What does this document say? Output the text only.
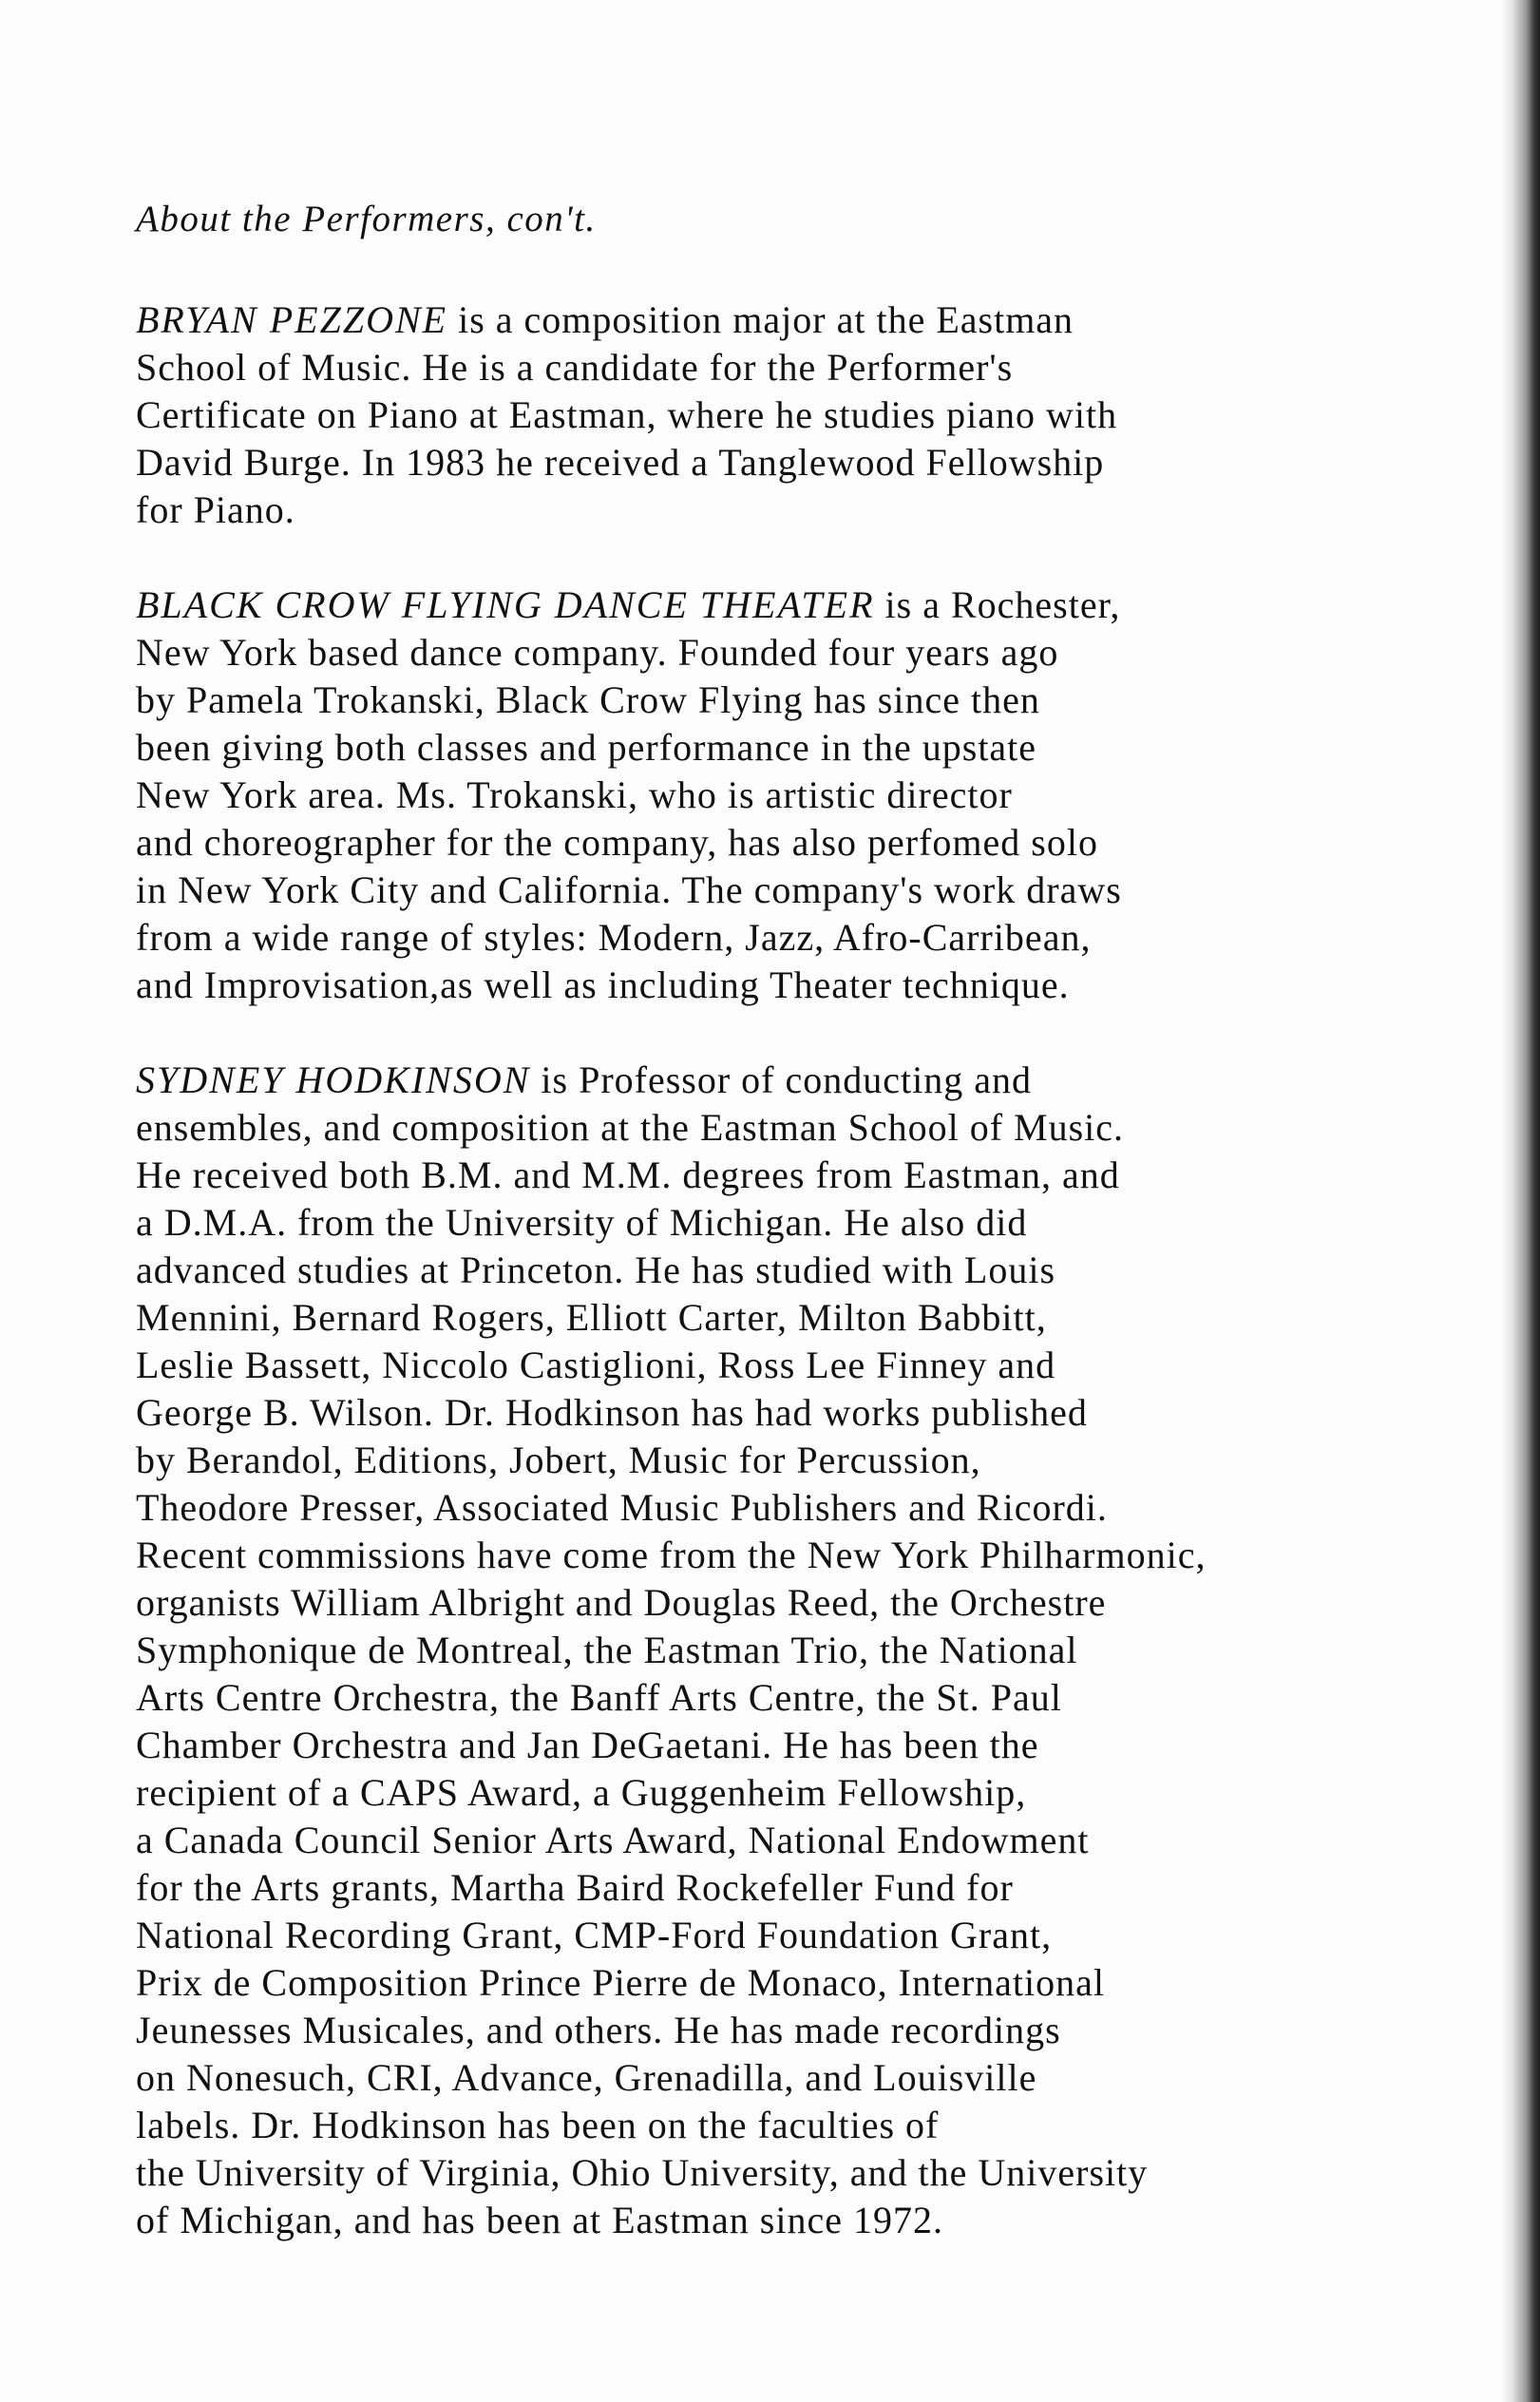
About the Performers, con't.
BRYAN PEZZONE is a composition major at the Eastman
School of Music. He is a candidate for the Performer's
Certificate on Piano at Eastman, where he studies piano with
David Burge. In 1983 he received a Tanglewood Fellowship
for Piano.
BLACK CROW FLYING DANCE THEATER is a Rochester,
New York based dance company. Founded four years ago
by Pamela Trokanski, Black Crow Flying has since then
been giving both classes and performance in the upstate
New York area. Ms. Trokanski, who is artistic director
and choreographer for the company, has also perfomed solo
in New York City and California. The company's work draws
from a wide range of styles: Modern, Jazz, Afro-Carribean,
and Improvisation,as well as including Theater technique.
SYDNEY HODKINSON is Professor of conducting and
ensembles, and composition at the Eastman School of Music.
He received both B.M. and M.M. degrees from Eastman, and
a D.M.A. from the University of Michigan. He also did
advanced studies at Princeton. He has studied with Louis
Mennini, Bernard Rogers, Elliott Carter, Milton Babbitt,
Leslie Bassett, Niccolo Castiglioni, Ross Lee Finney and
George B. Wilson. Dr. Hodkinson has had works published
by Berandol, Editions, Jobert, Music for Percussion,
Theodore Presser, Associated Music Publishers and Ricordi.
Recent commissions have come from the New York Philharmonic,
organists William Albright and Douglas Reed, the Orchestre
Symphonique de Montreal, the Eastman Trio, the National
Arts Centre Orchestra, the Banff Arts Centre, the St. Paul
Chamber Orchestra and Jan DeGaetani. He has been the
recipient of a CAPS Award, a Guggenheim Fellowship,
a Canada Council Senior Arts Award, National Endowment
for the Arts grants, Martha Baird Rockefeller Fund for
National Recording Grant, CMP-Ford Foundation Grant,
Prix de Composition Prince Pierre de Monaco, International
Jeunesses Musicales, and others. He has made recordings
on Nonesuch, CRI, Advance, Grenadilla, and Louisville
labels. Dr. Hodkinson has been on the faculties of
the University of Virginia, Ohio University, and the University
of Michigan, and has been at Eastman since 1972.
